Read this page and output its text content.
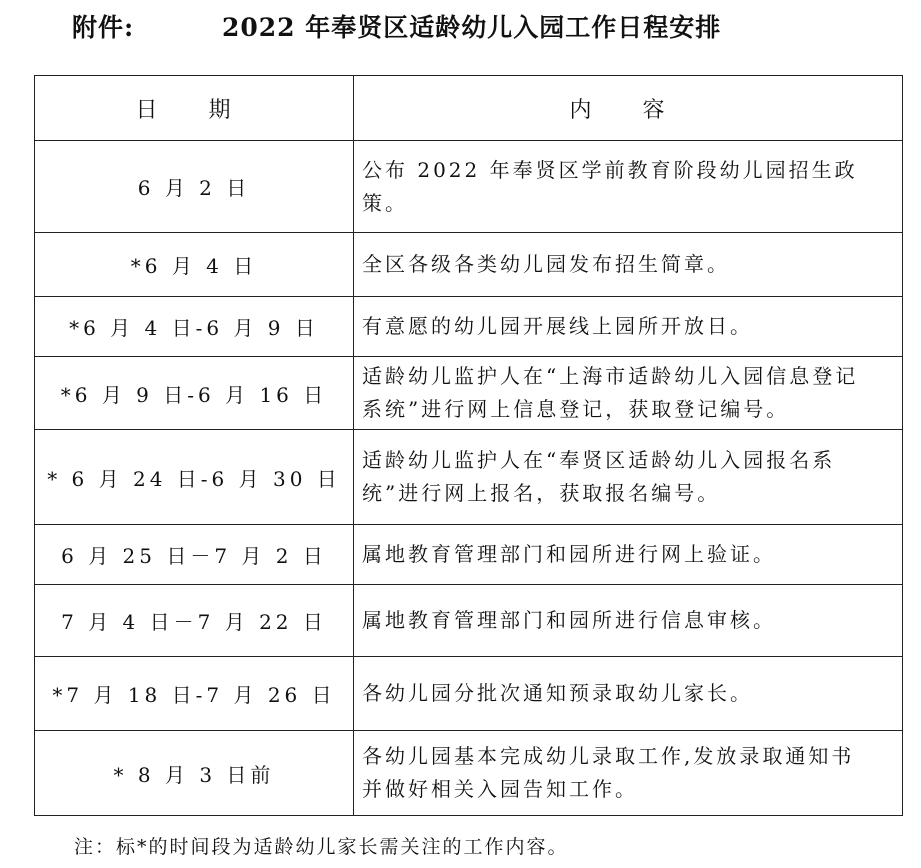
附件:	2022 年奉贤区适龄幼儿入园工作日程安排
日 期	内 容
6 月 2 日	公布 2022 年奉贤区学前教育阶段幼儿园招生政策。
*6 月 4 日	全区各级各类幼儿园发布招生简章。
*6 月 4 日-6 月 9 日	有意愿的幼儿园开展线上园所开放日。
*6 月 9 日-6 月 16 日	适龄幼儿监护人在“上海市适龄幼儿入园信息登记系统”进行网上信息登记，获取登记编号。
* 6 月 24 日-6 月 30 日	适龄幼儿监护人在“奉贤区适龄幼儿入园报名系统”进行网上报名，获取报名编号。
6 月 25 日－7 月 2 日	属地教育管理部门和园所进行网上验证。
7 月 4 日－7 月 22 日	属地教育管理部门和园所进行信息审核。
*7 月 18 日-7 月 26 日	各幼儿园分批次通知预录取幼儿家长。
* 8 月 3 日前	各幼儿园基本完成幼儿录取工作,发放录取通知书并做好相关入园告知工作。
注：标*的时间段为适龄幼儿家长需关注的工作内容。
